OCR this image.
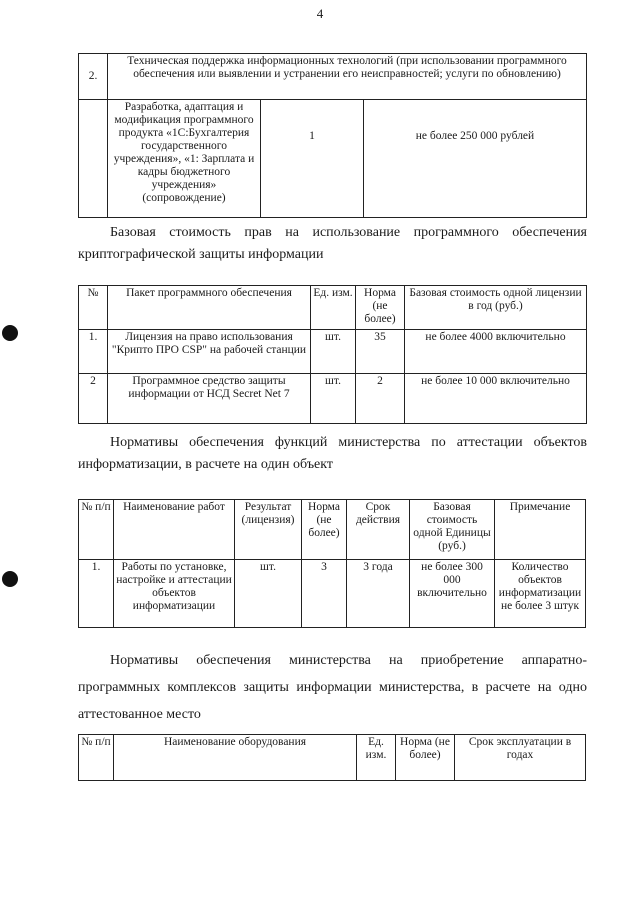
4
2.	Техническая поддержка информационных технологий (при использовании программного обеспечения или выявлении и устранении его неисправностей; услуги по обновлению)		
	Разработка, адаптация и модификация программного продукта «1С:Бухгалтерия государственного учреждения», «1: Зарплата и кадры бюджетного учреждения» (сопровождение)	1	не более 250 000 рублей
Базовая стоимость прав на использование программного обеспечения криптографической защиты информации
№	Пакет программного обеспечения	Ед. изм.	Норма (не более)	Базовая стоимость одной лицензии в год (руб.)
1.	Лицензия на право использования "Крипто ПРО CSP" на рабочей станции	шт.	35	не более 4000 включительно
2	Программное средство защиты информации от НСД Secret Net 7	шт.	2	не более 10 000 включительно
Нормативы обеспечения функций министерства по аттестации объектов информатизации, в расчете на один объект
№ п/п	Наименование работ	Результат (лицензия)	Норма (не более)	Срок действия	Базовая стоимость одной Единицы (руб.)	Примечание
1.	Работы по установке, настройке и аттестации объектов информатизации	шт.	3	3 года	не более 300 000 включительно	Количество объектов информатизации не более 3 штук
Нормативы обеспечения министерства на приобретение аппаратно-программных комплексов защиты информации министерства, в расчете на одно аттестованное место
№ п/п	Наименование оборудования	Ед. изм.	Норма (не более)	Срок эксплуатации в годах
